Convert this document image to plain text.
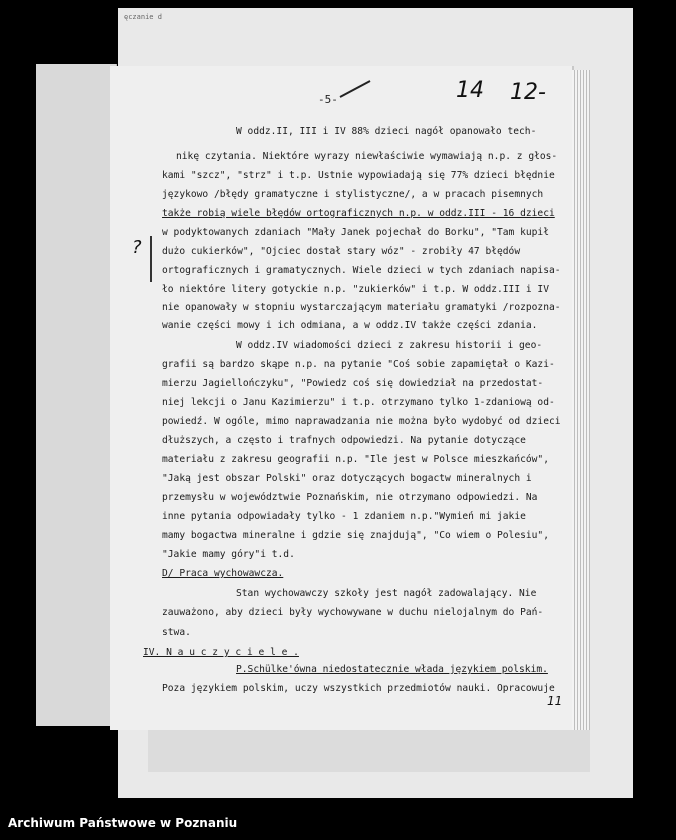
ęczanie d
-5-	14 12-
?
11
W oddz.II, III i IV 88% dzieci nagół opanowało tech-
nikę czytania. Niektóre wyrazy niewłaściwie wymawiają n.p. z głos-
kami "szcz", "strz" i t.p. Ustnie wypowiadają się 77% dzieci błędnie
językowo /błędy gramatyczne i stylistyczne/, a w pracach pisemnych
także robią wiele błędów ortograficznych n.p. w oddz.III - 16 dzieci
w podyktowanych zdaniach "Mały Janek pojechał do Borku", "Tam kupił
dużo cukierków", "Ojciec dostał stary wóz" - zrobiły 47 błędów
ortograficznych i gramatycznych. Wiele dzieci w tych zdaniach napisa-
ło niektóre litery gotyckie n.p. "zukierków" i t.p. W oddz.III i IV
nie opanowały w stopniu wystarczającym materiału gramatyki /rozpozna-
wanie części mowy i ich odmiana, a w oddz.IV także części zdania.
W oddz.IV wiadomości dzieci z zakresu historii i geo-
grafii są bardzo skąpe n.p. na pytanie "Coś sobie zapamiętał o Kazi-
mierzu Jagiellończyku", "Powiedz coś się dowiedział na przedostat-
niej lekcji o Janu Kazimierzu" i t.p. otrzymano tylko 1-zdaniową od-
powiedź. W ogóle, mimo naprawadzania nie można było wydobyć od dzieci
dłuższych, a często i trafnych odpowiedzi. Na pytanie dotyczące
materiału z zakresu geografii n.p. "Ile jest w Polsce mieszkańców",
"Jaką jest obszar Polski" oraz dotyczących bogactw mineralnych i
przemysłu w województwie Poznańskim, nie otrzymano odpowiedzi. Na
inne pytania odpowiadały tylko - 1 zdaniem n.p."Wymień mi jakie
mamy bogactwa mineralne i gdzie się znajdują", "Co wiem o Polesiu",
"Jakie mamy góry"i t.d.
D/ Praca wychowawcza.
Stan wychowawczy szkoły jest nagół zadowalający. Nie
zauważono, aby dzieci były wychowywane w duchu nielojalnym do Pań-
stwa.
IV. N a u c z y c i e l e .
P.Schülke'ówna niedostatecznie włada językiem polskim.
Poza językiem polskim, uczy wszystkich przedmiotów nauki. Opracowuje
Archiwum Państwowe w Poznaniu
